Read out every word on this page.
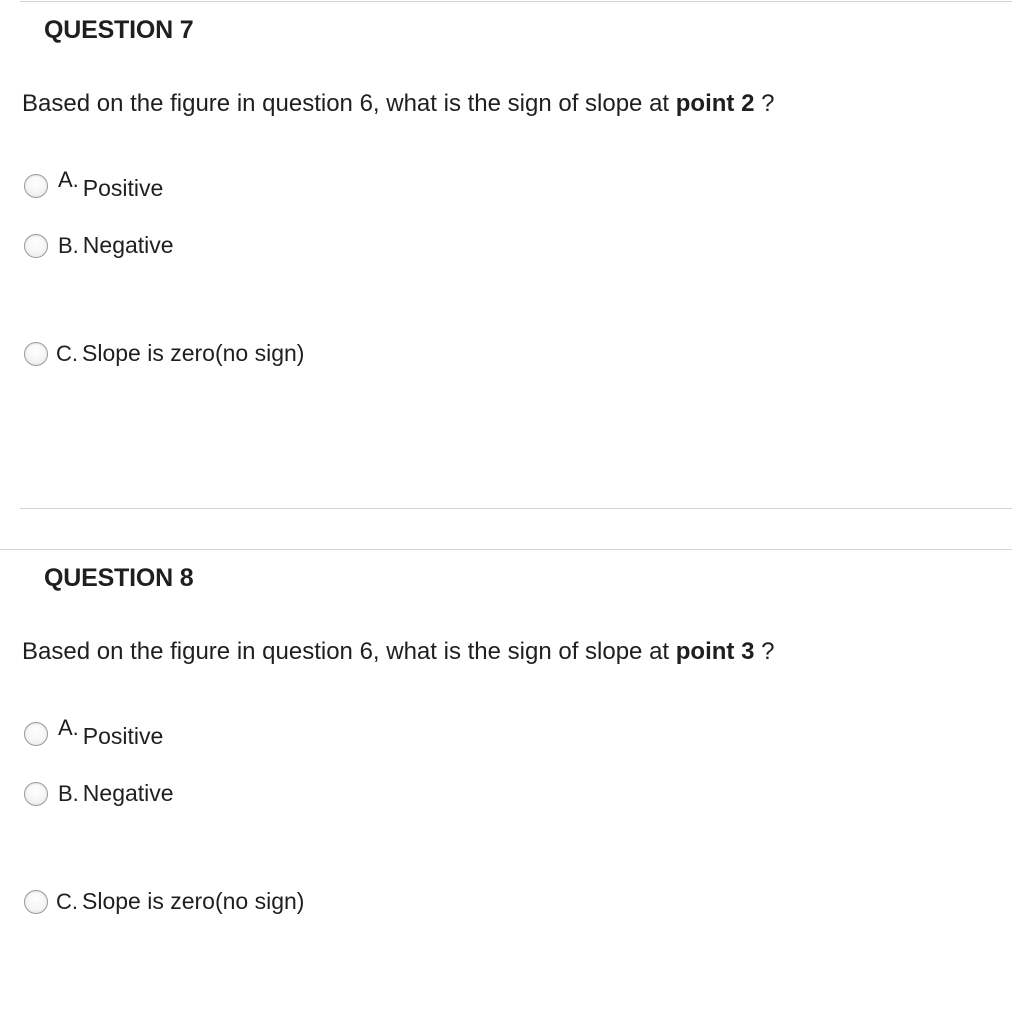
QUESTION 7
Based on the figure in question 6, what is the sign of slope at point 2 ?
A. Positive
B. Negative
C. Slope is zero(no sign)
QUESTION 8
Based on the figure in question 6, what is the sign of slope at point 3 ?
A. Positive
B. Negative
C. Slope is zero(no sign)
